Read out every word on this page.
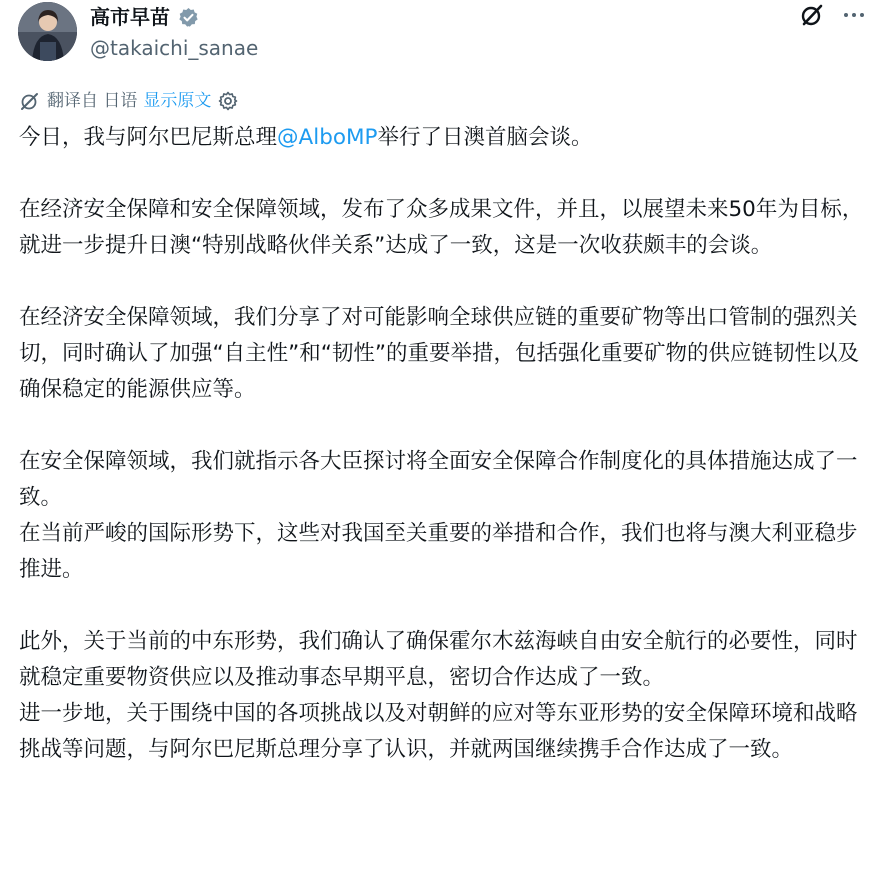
高市早苗
@takaichi_sanae
翻译自 日语 显示原文

今日，我与阿尔巴尼斯总理@AlboMP举行了日澳首脑会谈。

在经济安全保障和安全保障领域，发布了众多成果文件，并且，以展望未来50年为目标，就进一步提升日澳“特别战略伙伴关系”达成了一致，这是一次收获颇丰的会谈。

在经济安全保障领域，我们分享了对可能影响全球供应链的重要矿物等出口管制的强烈关切，同时确认了加强“自主性”和“韧性”的重要举措，包括强化重要矿物的供应链韧性以及确保稳定的能源供应等。

在安全保障领域，我们就指示各大臣探讨将全面安全保障合作制度化的具体措施达成了一致。
在当前严峻的国际形势下，这些对我国至关重要的举措和合作，我们也将与澳大利亚稳步推进。

此外，关于当前的中东形势，我们确认了确保霍尔木兹海峡自由安全航行的必要性，同时就稳定重要物资供应以及推动事态早期平息，密切合作达成了一致。
进一步地，关于围绕中国的各项挑战以及对朝鲜的应对等东亚形势的安全保障环境和战略挑战等问题，与阿尔巴尼斯总理分享了认识，并就两国继续携手合作达成了一致。
